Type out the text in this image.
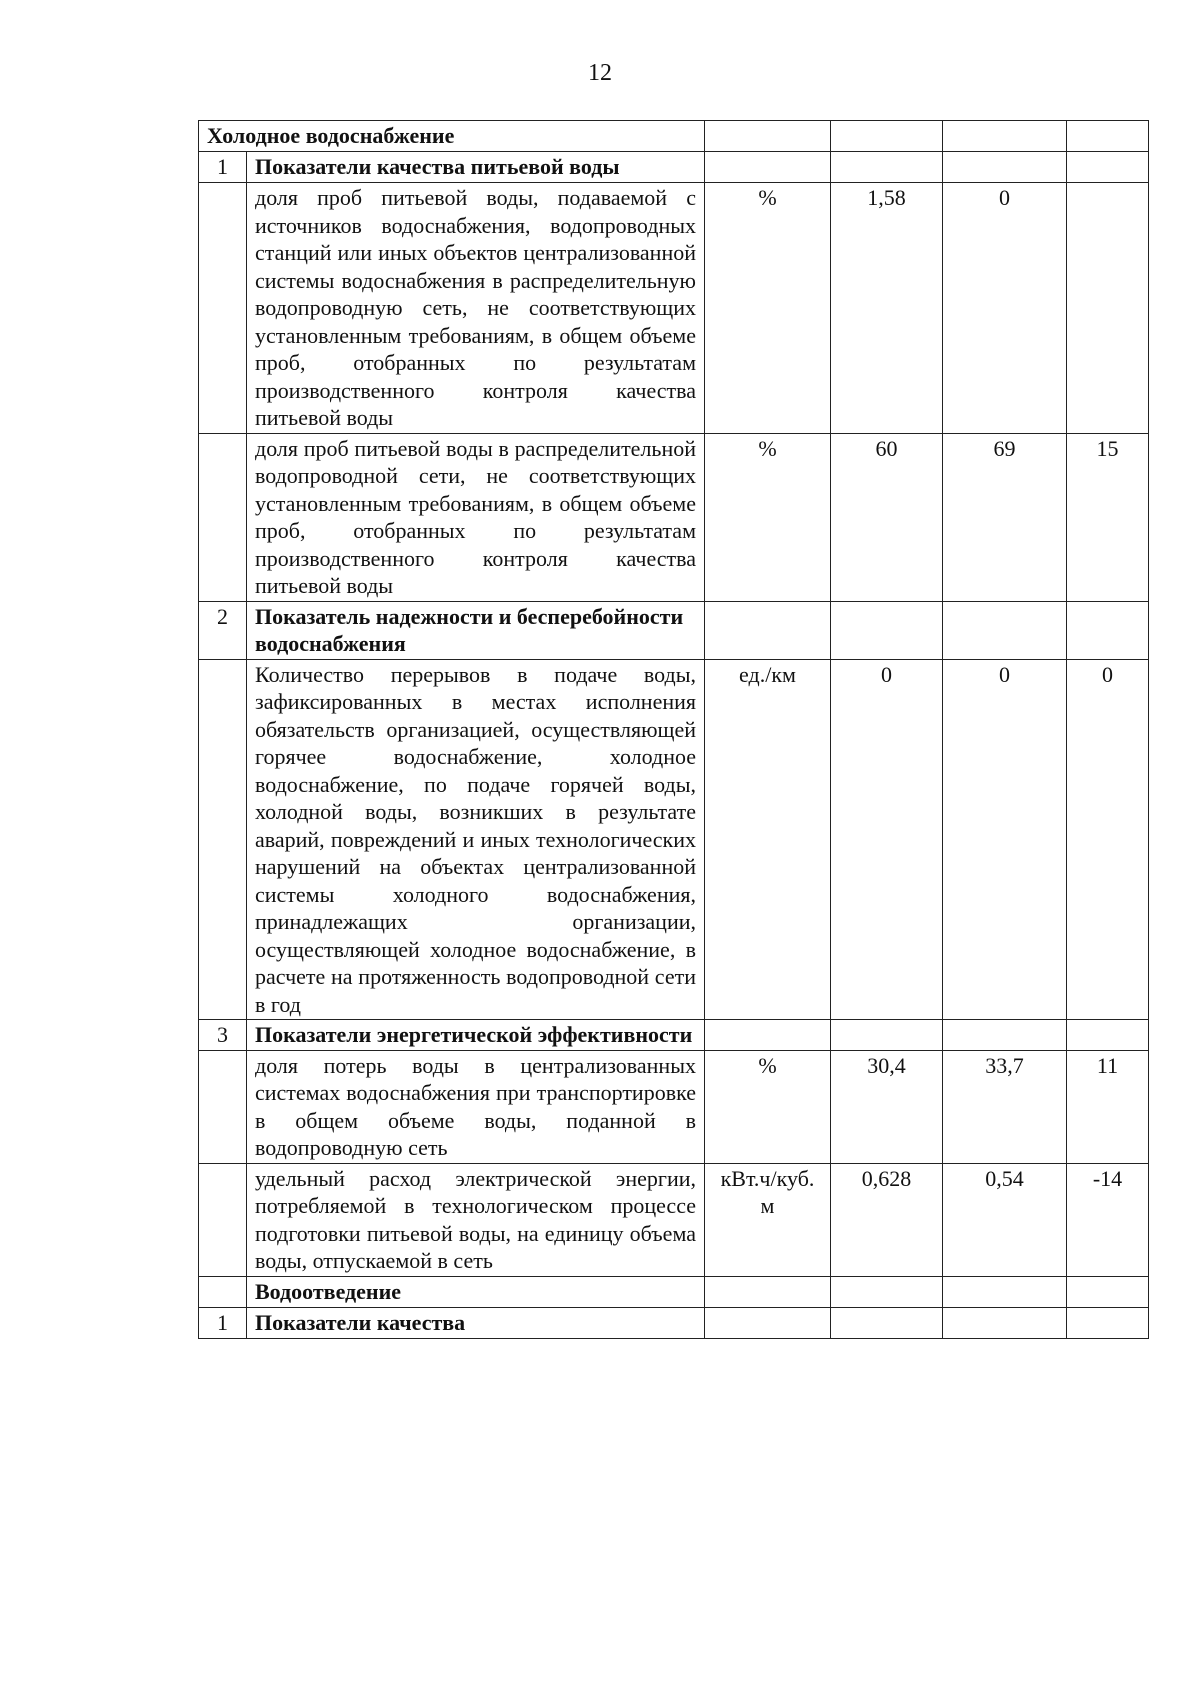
12
Холодное водоснабжение					
1	Показатели качества питьевой воды				
	доля проб питьевой воды, подаваемой с источников водоснабжения, водопроводных станций или иных объектов централизованной системы водоснабжения в распределительную водопроводную сеть, не соответствующих установленным требованиям, в общем объеме проб, отобранных по результатам производственного контроля качества питьевой воды	%	1,58	0	
	доля проб питьевой воды в распределительной водопроводной сети, не соответствующих установленным требованиям, в общем объеме проб, отобранных по результатам производственного контроля качества питьевой воды	%	60	69	15
2	Показатель надежности и бесперебойности водоснабжения				
	Количество перерывов в подаче воды, зафиксированных в местах исполнения обязательств организацией, осуществляющей горячее водоснабжение, холодное водоснабжение, по подаче горячей воды, холодной воды, возникших в результате аварий, повреждений и иных технологических нарушений на объектах централизованной системы холодного водоснабжения, принадлежащих организации, осуществляющей холодное водоснабжение, в расчете на протяженность водопроводной сети в год	ед./км	0	0	0
3	Показатели энергетической эффективности				
	доля потерь воды в централизованных системах водоснабжения при транспортировке в общем объеме воды, поданной в водопроводную сеть	%	30,4	33,7	11
	удельный расход электрической энергии, потребляемой в технологическом процессе подготовки питьевой воды, на единицу объема воды, отпускаемой в сеть	кВт.ч/куб. м	0,628	0,54	-14
	Водоотведение				
1	Показатели качества				
